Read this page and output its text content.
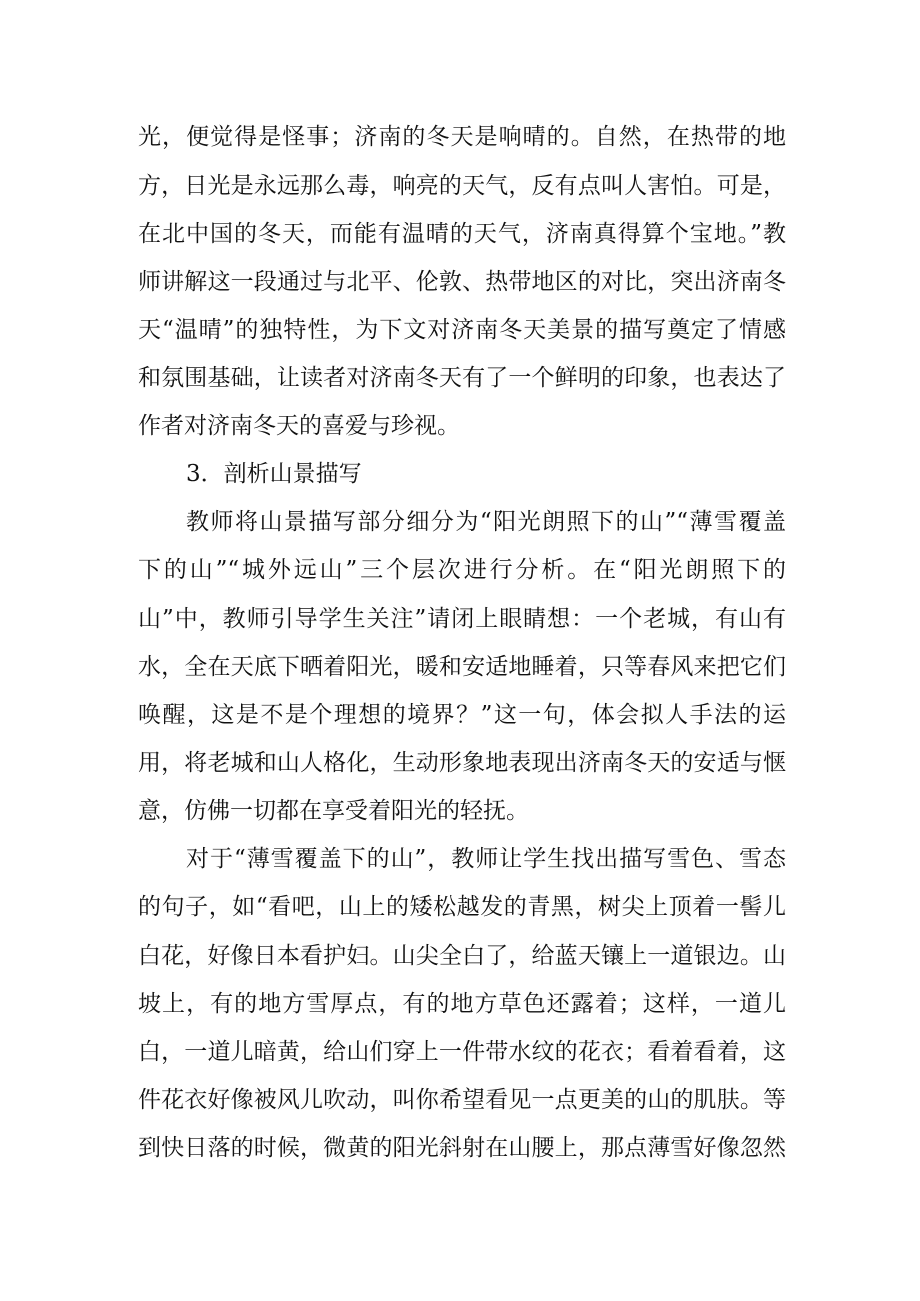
光，便觉得是怪事；济南的冬天是响晴的。自然，在热带的地
方，日光是永远那么毒，响亮的天气，反有点叫人害怕。可是，
在北中国的冬天，而能有温晴的天气，济南真得算个宝地。”教
师讲解这一段通过与北平、伦敦、热带地区的对比，突出济南冬
天“温晴”的独特性，为下文对济南冬天美景的描写奠定了情感
和氛围基础，让读者对济南冬天有了一个鲜明的印象，也表达了
作者对济南冬天的喜爱与珍视。
3．剖析山景描写
教师将山景描写部分细分为“阳光朗照下的山”“薄雪覆盖
下的山”“城外远山”三个层次进行分析。在“阳光朗照下的
山”中，教师引导学生关注”请闭上眼睛想：一个老城，有山有
水，全在天底下晒着阳光，暖和安适地睡着，只等春风来把它们
唤醒，这是不是个理想的境界？”这一句，体会拟人手法的运
用，将老城和山人格化，生动形象地表现出济南冬天的安适与惬
意，仿佛一切都在享受着阳光的轻抚。
对于“薄雪覆盖下的山”，教师让学生找出描写雪色、雪态
的句子，如“看吧，山上的矮松越发的青黑，树尖上顶着一髻儿
白花，好像日本看护妇。山尖全白了，给蓝天镶上一道银边。山
坡上，有的地方雪厚点，有的地方草色还露着；这样，一道儿
白，一道儿暗黄，给山们穿上一件带水纹的花衣；看着看着，这
件花衣好像被风儿吹动，叫你希望看见一点更美的山的肌肤。等
到快日落的时候，微黄的阳光斜射在山腰上，那点薄雪好像忽然
